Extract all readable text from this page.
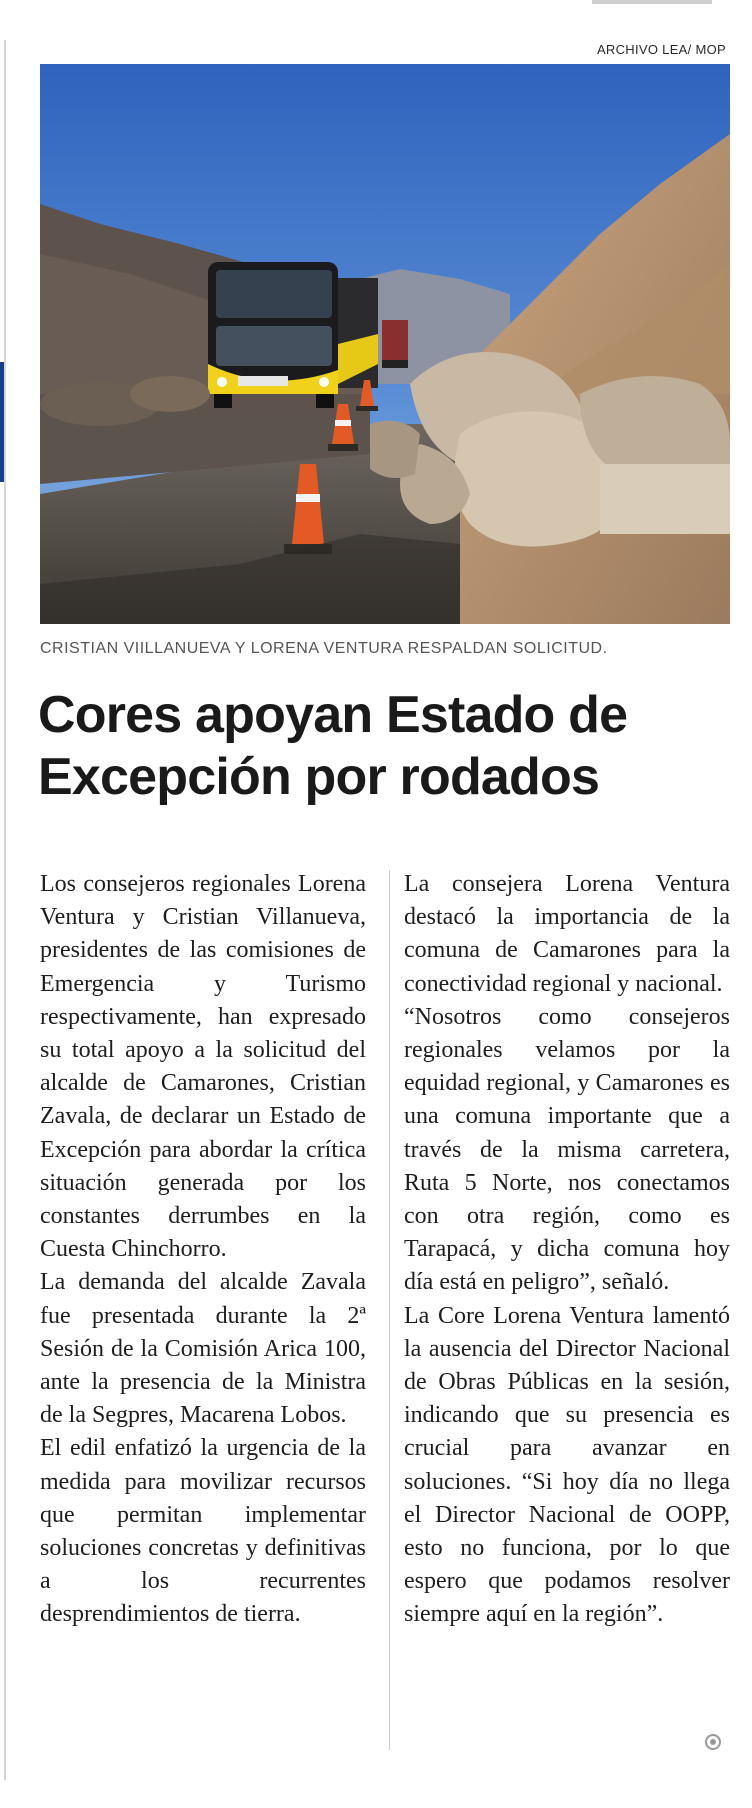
ARCHIVO LEA/ MOP
CRISTIAN VIILLANUEVA Y LORENA VENTURA RESPALDAN SOLICITUD.
Cores apoyan Estado de Excepción por rodados

Los consejeros regionales Lorena Ventura y Cristian Villanueva, presidentes de las comisiones de Emergencia y Turismo respectivamente, han expresado su total apoyo a la solicitud del alcalde de Camarones, Cristian Zavala, de declarar un Estado de Excepción para abordar la crítica situación generada por los constantes derrumbes en la Cuesta Chinchorro.

La demanda del alcalde Zavala fue presentada durante la 2ª Sesión de la Comisión Arica 100, ante la presencia de la Ministra de la Segpres, Macarena Lobos.

El edil enfatizó la urgencia de la medida para movilizar recursos que permitan implementar soluciones concretas y definitivas a los recurrentes desprendimientos de tierra.

La consejera Lorena Ventura destacó la importancia de la comuna de Camarones para la conectividad regional y nacional.

“Nosotros como consejeros regionales velamos por la equidad regional, y Camarones es una comuna importante que a través de la misma carretera, Ruta 5 Norte, nos conectamos con otra región, como es Tarapacá, y dicha comuna hoy día está en peligro”, señaló.

La Core Lorena Ventura lamentó la ausencia del Director Nacional de Obras Públicas en la sesión, indicando que su presencia es crucial para avanzar en soluciones. “Si hoy día no llega el Director Nacional de OOPP, esto no funciona, por lo que espero que podamos resolver siempre aquí en la región”.
